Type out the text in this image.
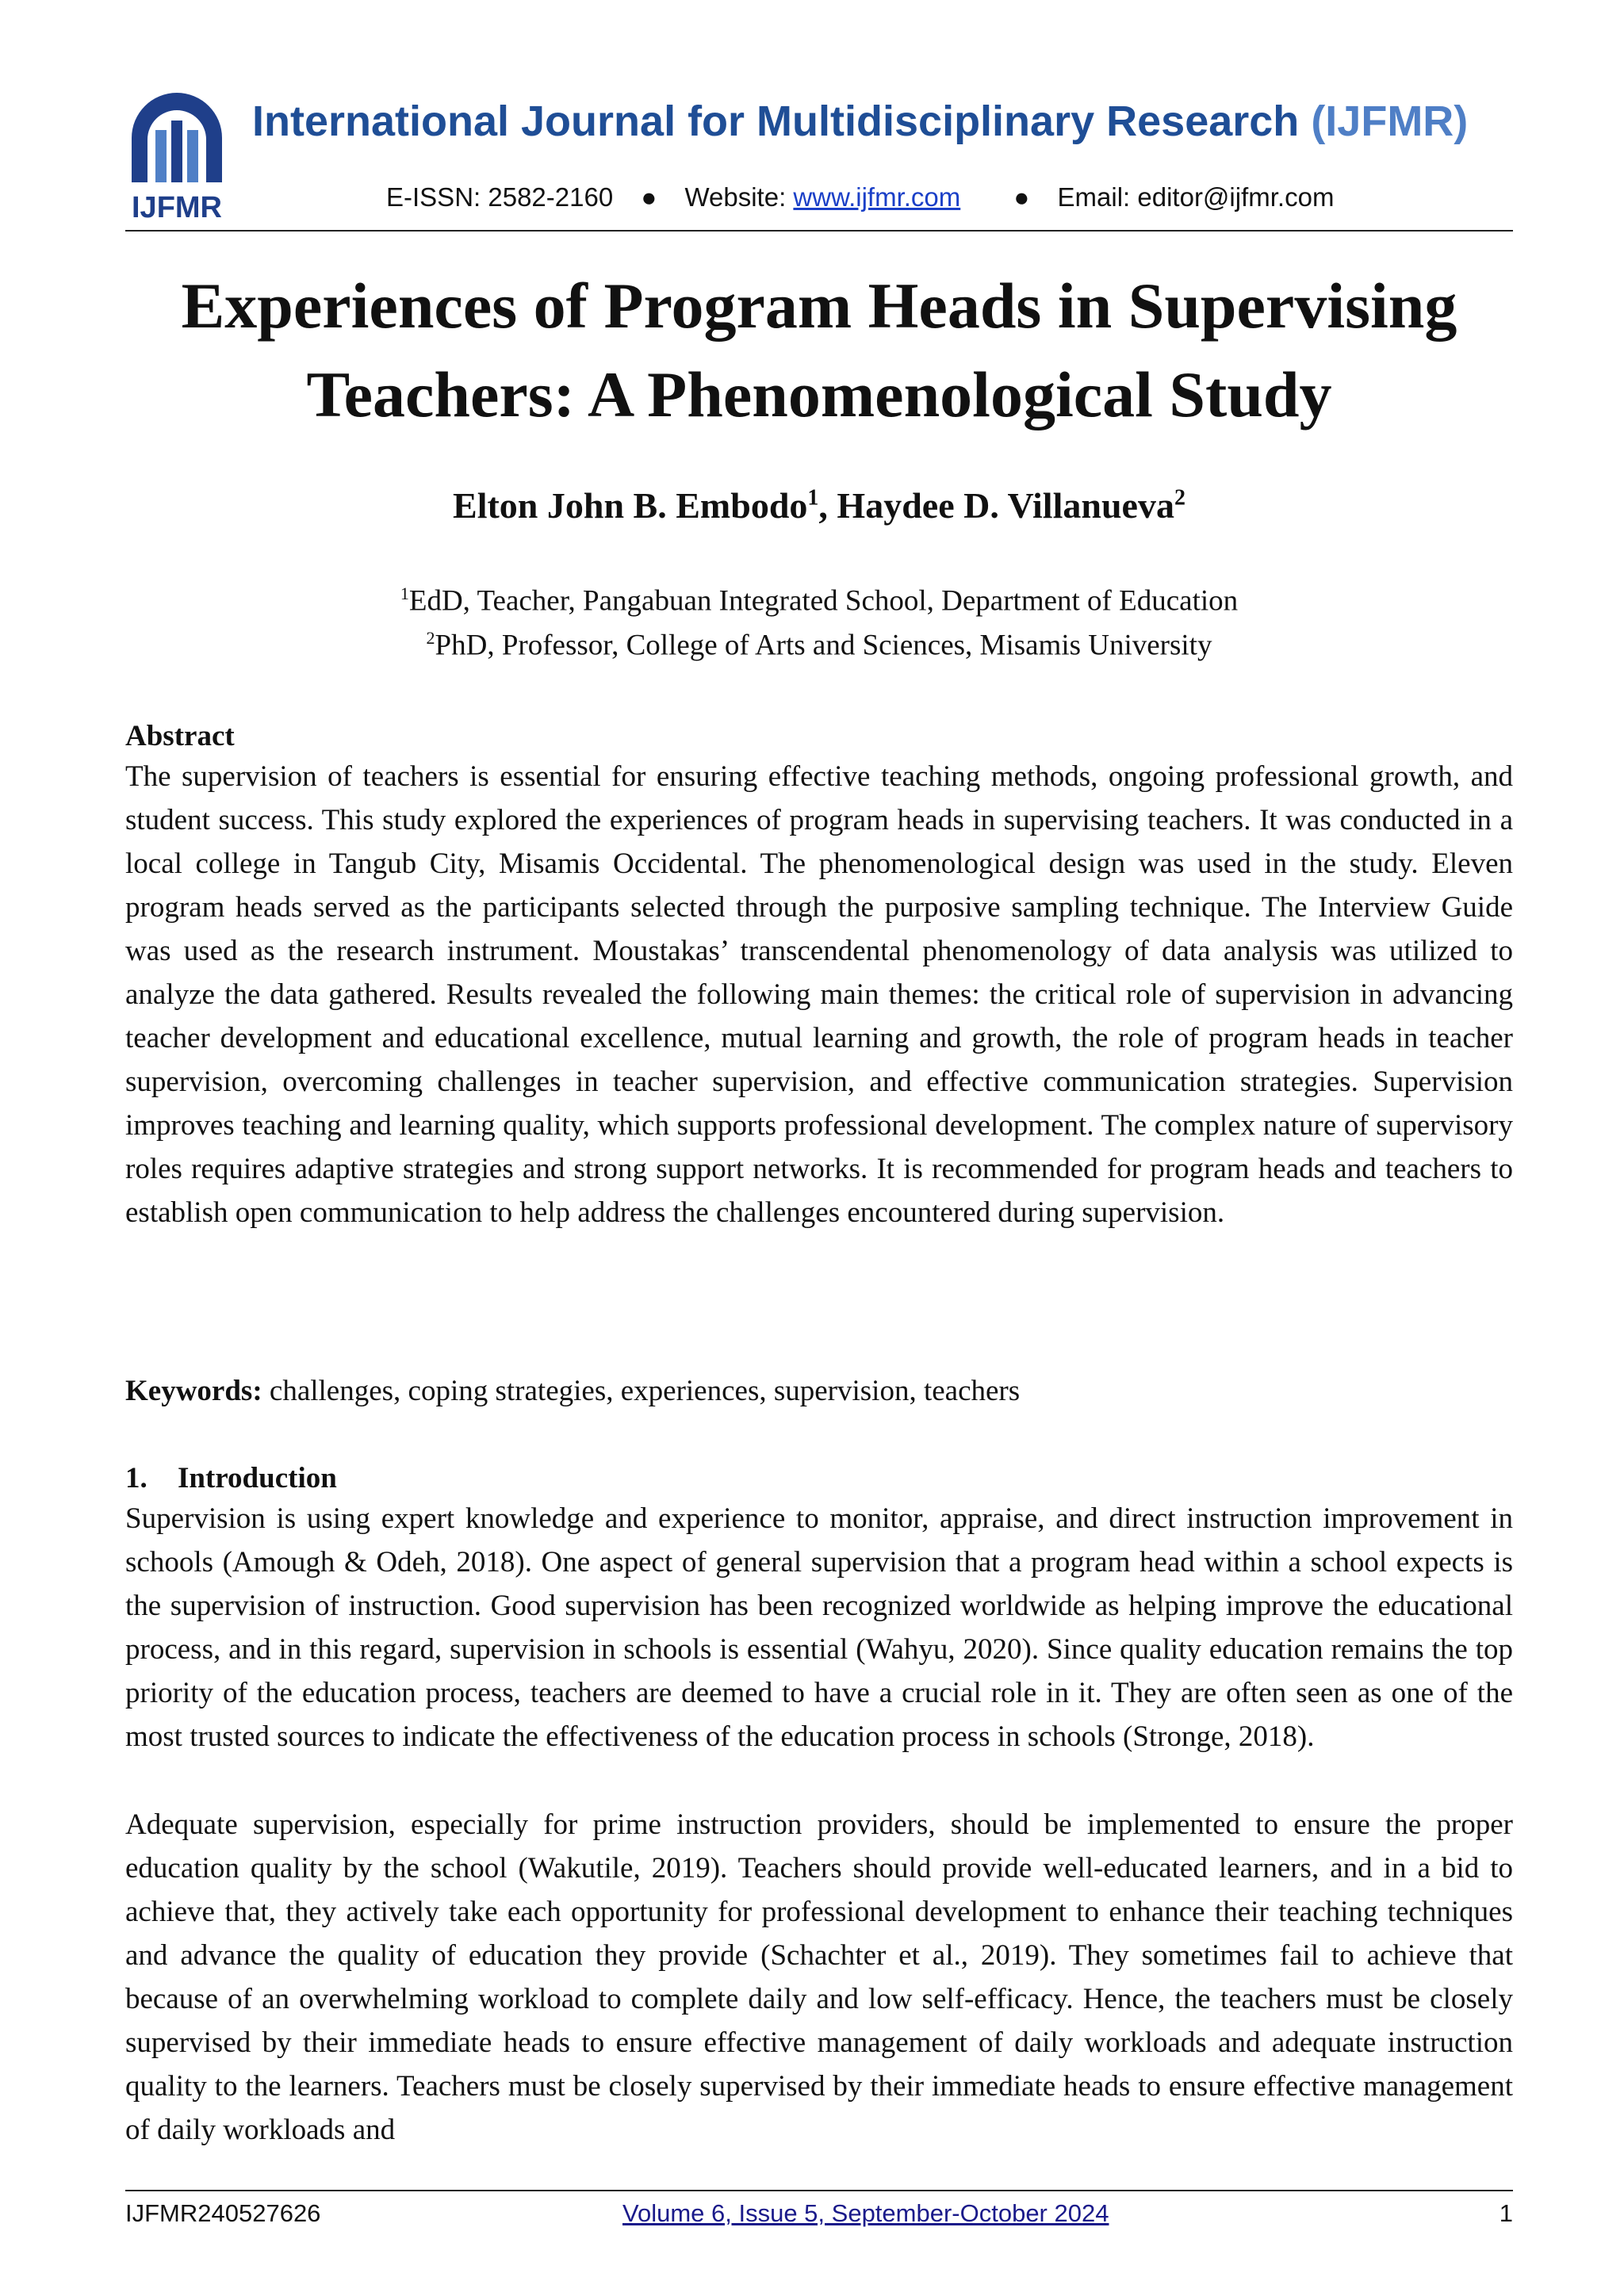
IJFMR
International Journal for Multidisciplinary Research (IJFMR)
E-ISSN: 2582-2160 ● Website: www.ijfmr.com ● Email: editor@ijfmr.com
Experiences of Program Heads in Supervising
Teachers: A Phenomenological Study
Elton John B. Embodo$^1$, Haydee D. Villanueva$^2$
$^1$EdD, Teacher, Pangabuan Integrated School, Department of Education
$^2$PhD, Professor, College of Arts and Sciences, Misamis University
Abstract
The supervision of teachers is essential for ensuring effective teaching methods, ongoing professional growth, and student success. This study explored the experiences of program heads in supervising teachers. It was conducted in a local college in Tangub City, Misamis Occidental. The phenomenological design was used in the study. Eleven program heads served as the participants selected through the purposive sampling technique. The Interview Guide was used as the research instrument. Moustakas’ transcendental phenomenology of data analysis was utilized to analyze the data gathered. Results revealed the following main themes: the critical role of supervision in advancing teacher development and educational excellence, mutual learning and growth, the role of program heads in teacher supervision, overcoming challenges in teacher supervision, and effective communication strategies. Supervision improves teaching and learning quality, which supports professional development. The complex nature of supervisory roles requires adaptive strategies and strong support networks. It is recommended for program heads and teachers to establish open communication to help address the challenges encountered during supervision.
Keywords: challenges, coping strategies, experiences, supervision, teachers
1. Introduction
Supervision is using expert knowledge and experience to monitor, appraise, and direct instruction improvement in schools (Amough & Odeh, 2018). One aspect of general supervision that a program head within a school expects is the supervision of instruction. Good supervision has been recognized worldwide as helping improve the educational process, and in this regard, supervision in schools is essential (Wahyu, 2020). Since quality education remains the top priority of the education process, teachers are deemed to have a crucial role in it. They are often seen as one of the most trusted sources to indicate the effectiveness of the education process in schools (Stronge, 2018).
Adequate supervision, especially for prime instruction providers, should be implemented to ensure the proper education quality by the school (Wakutile, 2019). Teachers should provide well-educated learners, and in a bid to achieve that, they actively take each opportunity for professional development to enhance their teaching techniques and advance the quality of education they provide (Schachter et al., 2019). They sometimes fail to achieve that because of an overwhelming workload to complete daily and low self-efficacy. Hence, the teachers must be closely supervised by their immediate heads to ensure effective management of daily workloads and adequate instruction quality to the learners. Teachers must be closely supervised by their immediate heads to ensure effective management of daily workloads and
IJFMR240527626	Volume 6, Issue 5, September-October 2024	1
